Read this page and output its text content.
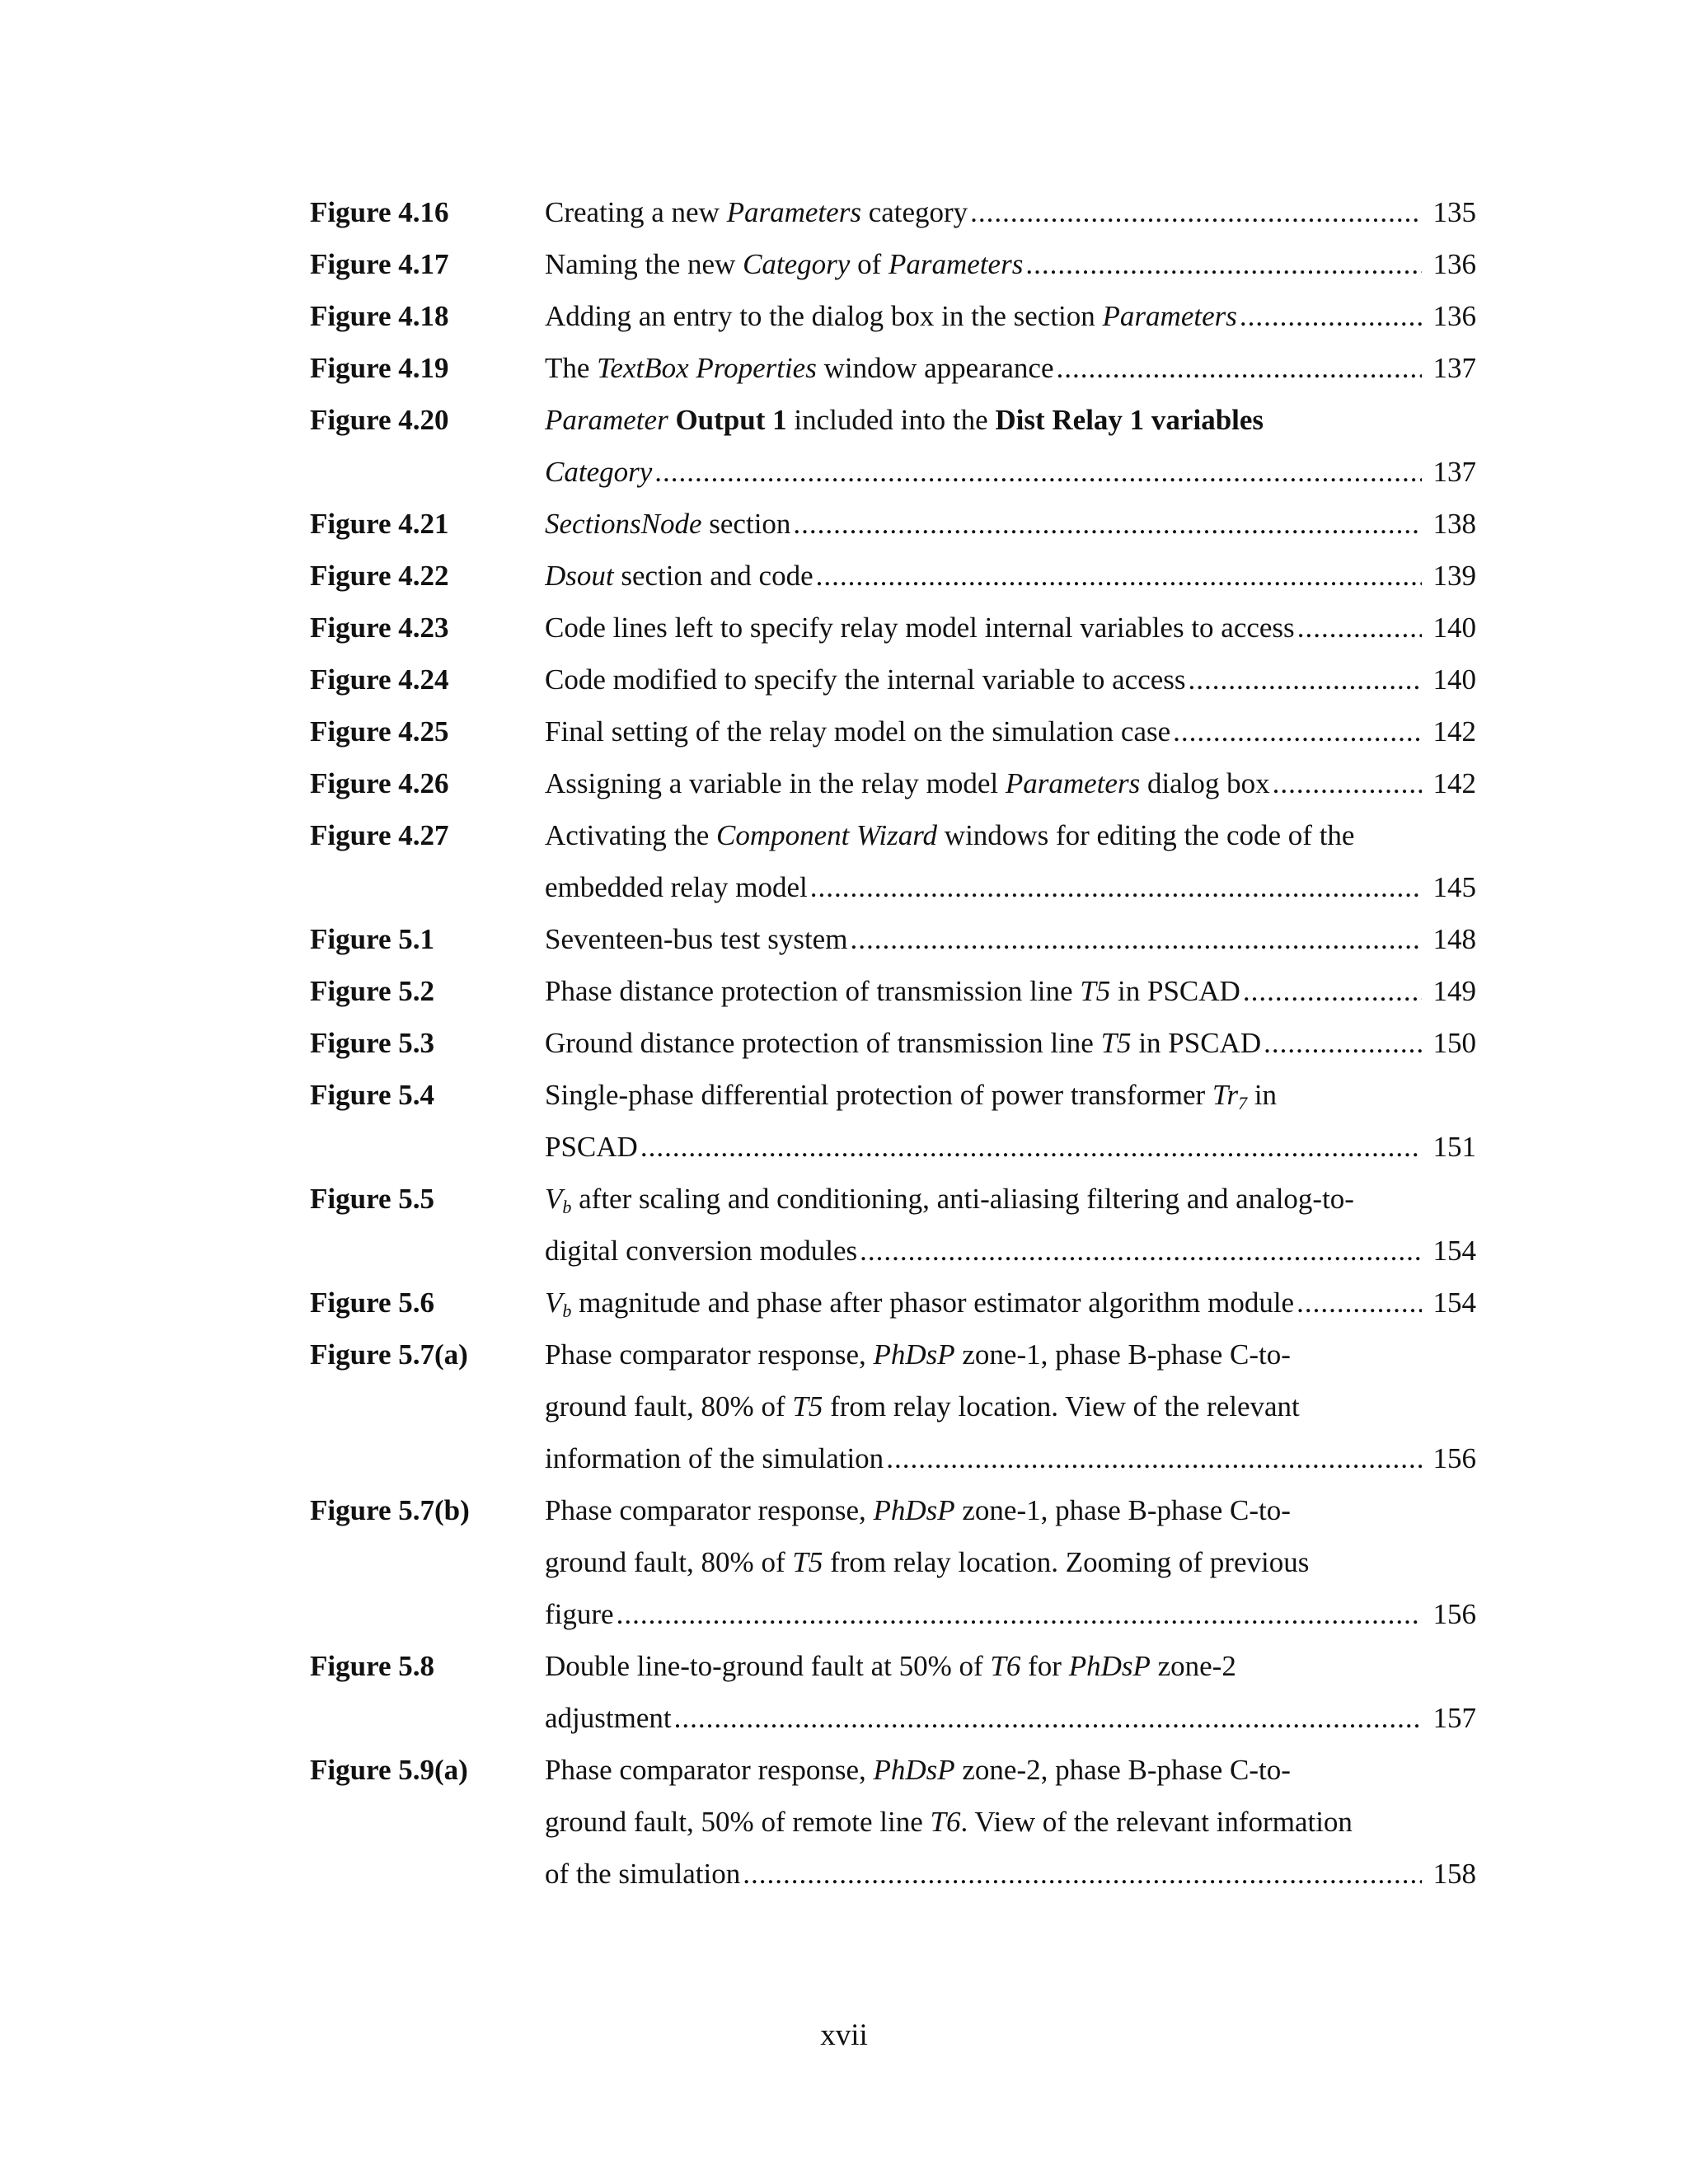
Figure 4.16	Creating a new Parameters category .....	135
Figure 4.17	Naming the new Category of Parameters .....	136
Figure 4.18	Adding an entry to the dialog box in the section Parameters .....	136
Figure 4.19	The TextBox Properties window appearance .....	137
Figure 4.20	Parameter Output 1 included into the Dist Relay 1 variables
Category .....	137
Figure 4.21	SectionsNode section .....	138
Figure 4.22	Dsout section and code .....	139
Figure 4.23	Code lines left to specify relay model internal variables to access .....	140
Figure 4.24	Code modified to specify the internal variable to access .....	140
Figure 4.25	Final setting of the relay model on the simulation case .....	142
Figure 4.26	Assigning a variable in the relay model Parameters dialog box .....	142
Figure 4.27	Activating the Component Wizard windows for editing the code of the
embedded relay model .....	145
Figure 5.1	Seventeen-bus test system .....	148
Figure 5.2	Phase distance protection of transmission line T5 in PSCAD .....	149
Figure 5.3	Ground distance protection of transmission line T5 in PSCAD .....	150
Figure 5.4	Single-phase differential protection of power transformer $Tr_7$ in
PSCAD .....	151
Figure 5.5	$V_b$ after scaling and conditioning, anti-aliasing filtering and analog-to-
digital conversion modules .....	154
Figure 5.6	$V_b$ magnitude and phase after phasor estimator algorithm module .....	154
Figure 5.7(a)	Phase comparator response, PhDsP zone-1, phase B-phase C-to-
ground fault, 80% of T5 from relay location. View of the relevant
information of the simulation .....	156
Figure 5.7(b)	Phase comparator response, PhDsP zone-1, phase B-phase C-to-
ground fault, 80% of T5 from relay location. Zooming of previous
figure .....	156
Figure 5.8	Double line-to-ground fault at 50% of T6 for PhDsP zone-2
adjustment .....	157
Figure 5.9(a)	Phase comparator response, PhDsP zone-2, phase B-phase C-to-
ground fault, 50% of remote line T6. View of the relevant information
of the simulation .....	158
xvii
